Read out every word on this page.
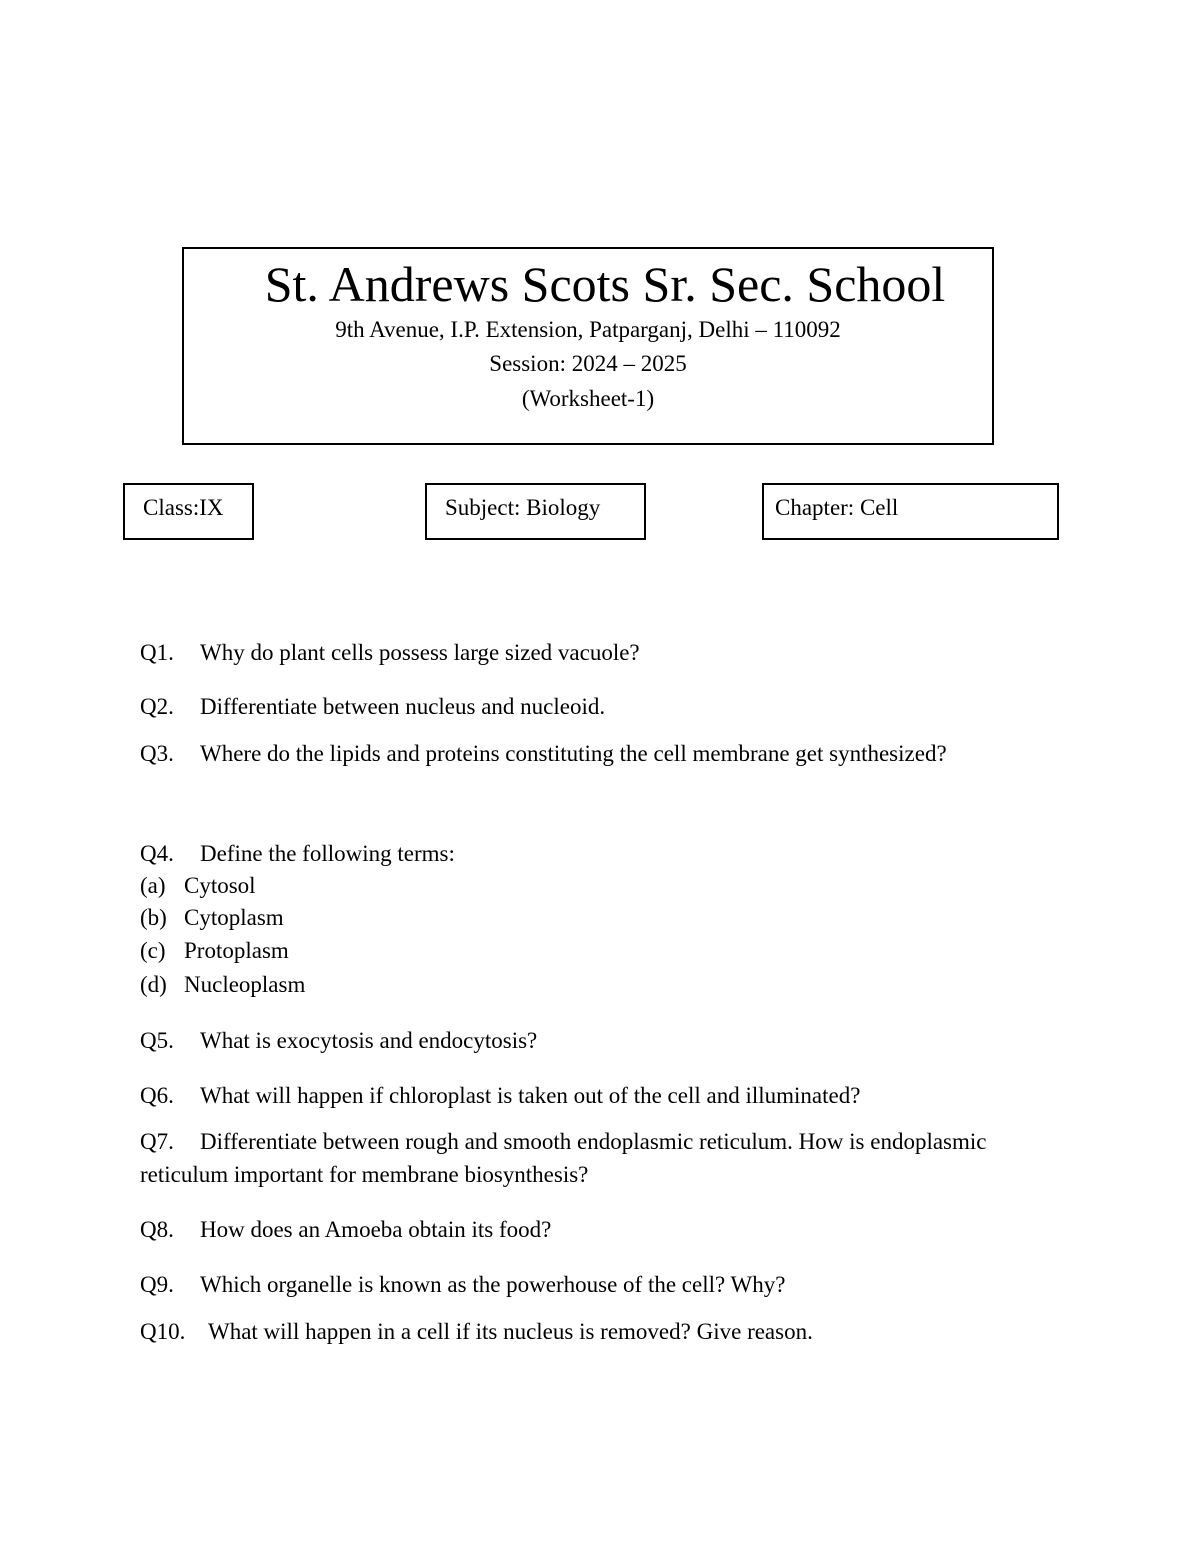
St. Andrews Scots Sr. Sec. School
9th Avenue, I.P. Extension, Patparganj, Delhi – 110092
Session: 2024 – 2025
(Worksheet-1)
Class:IX	Subject: Biology	Chapter: Cell
Q1. Why do plant cells possess large sized vacuole?
Q2. Differentiate between nucleus and nucleoid.
Q3. Where do the lipids and proteins constituting the cell membrane get synthesized?
Q4. Define the following terms:
(a) Cytosol
(b) Cytoplasm
(c) Protoplasm
(d) Nucleoplasm
Q5. What is exocytosis and endocytosis?
Q6. What will happen if chloroplast is taken out of the cell and illuminated?
Q7. Differentiate between rough and smooth endoplasmic reticulum. How is endoplasmic reticulum important for membrane biosynthesis?
Q8. How does an Amoeba obtain its food?
Q9. Which organelle is known as the powerhouse of the cell? Why?
Q10. What will happen in a cell if its nucleus is removed? Give reason.
